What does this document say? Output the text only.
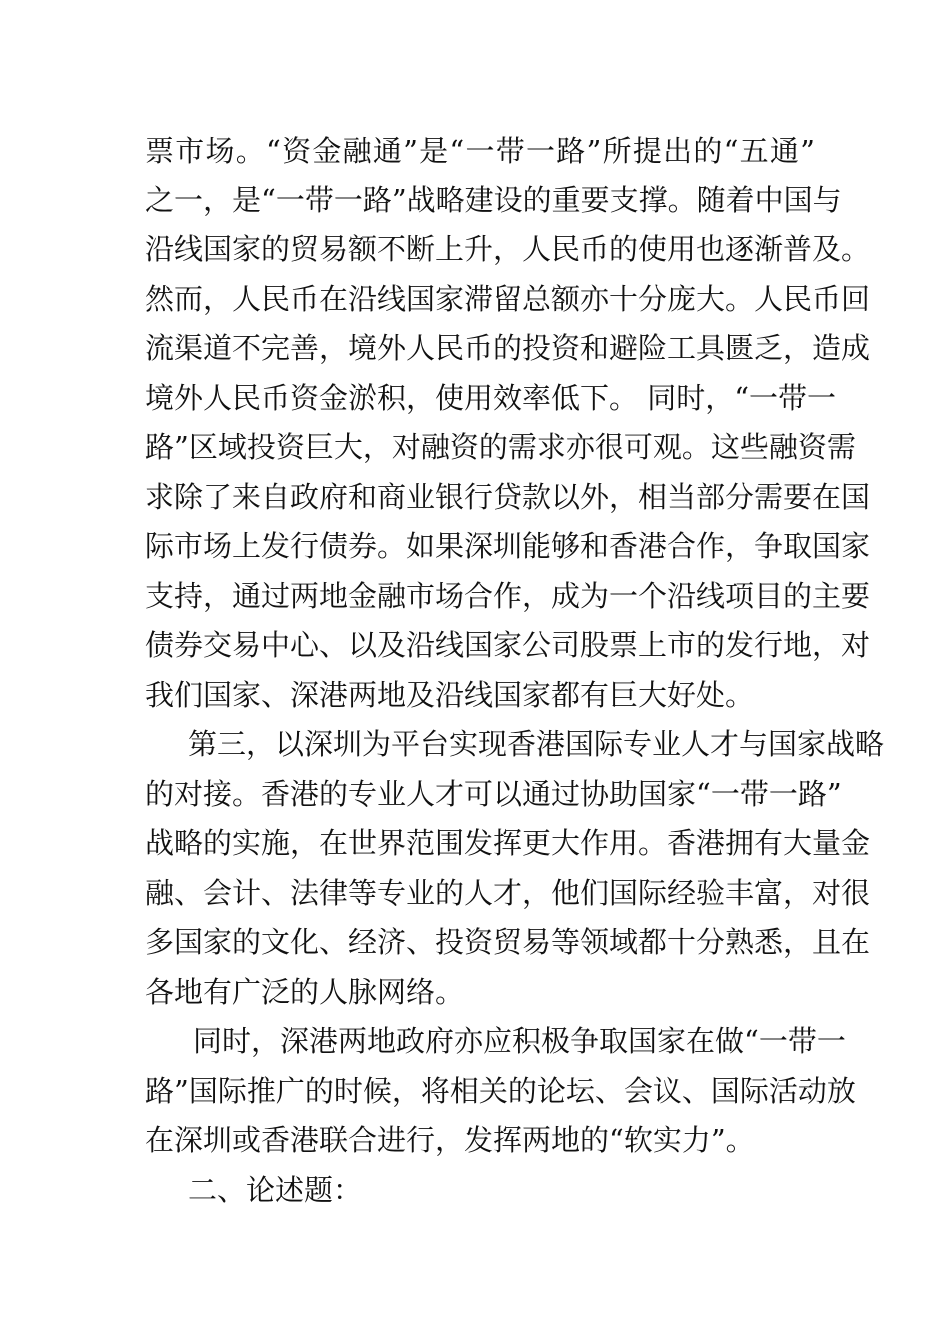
票市场。“资金融通”是“一带一路”所提出的“五通”
之一，是“一带一路”战略建设的重要支撑。随着中国与
沿线国家的贸易额不断上升，人民币的使用也逐渐普及。
然而，人民币在沿线国家滞留总额亦十分庞大。人民币回
流渠道不完善，境外人民币的投资和避险工具匮乏，造成
境外人民币资金淤积，使用效率低下。 同时，“一带一
路”区域投资巨大，对融资的需求亦很可观。这些融资需
求除了来自政府和商业银行贷款以外，相当部分需要在国
际市场上发行债券。如果深圳能够和香港合作，争取国家
支持，通过两地金融市场合作，成为一个沿线项目的主要
债券交易中心、以及沿线国家公司股票上市的发行地，对
我们国家、深港两地及沿线国家都有巨大好处。
第三，以深圳为平台实现香港国际专业人才与国家战略
的对接。香港的专业人才可以通过协助国家“一带一路”
战略的实施，在世界范围发挥更大作用。香港拥有大量金
融、会计、法律等专业的人才，他们国际经验丰富，对很
多国家的文化、经济、投资贸易等领域都十分熟悉，且在
各地有广泛的人脉网络。
同时，深港两地政府亦应积极争取国家在做“一带一
路”国际推广的时候，将相关的论坛、会议、国际活动放
在深圳或香港联合进行，发挥两地的“软实力”。
二、论述题：
